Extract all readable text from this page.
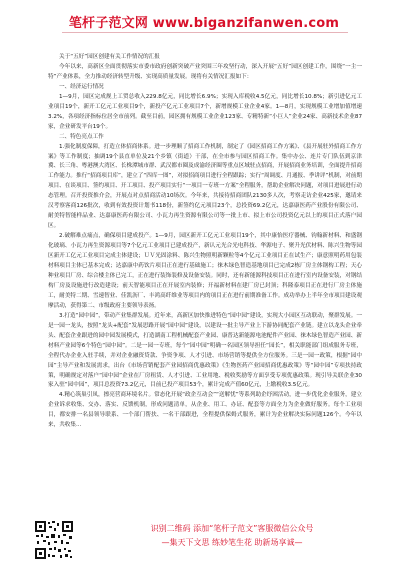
笔杆子范文网 www.biganzifanwen.com

关于“五好”园区创建有关工作情况的汇报

今年以来，高新区全面贯彻落实市委市政府创新突破产业突围三年攻坚行动，深入开展“五好”园区创建工作，围绕“一主一特”产业体系，全力推动经济转型升级、实现高质量发展。现将有关情况汇报如下：

一、经济运行情况

1—9月，园区完成规上工贸总收入229.8亿元，同比增长6.9%；实现入库税收4.5亿元，同比增长10.8%；新引进亿元工业项目19个，新开工亿元工业项目9个，新投产亿元工业项目7个，新增规模工业企业4家。1—8月，实现规模工业增加值增速3.2%，各项经济指标位居全市前列。截至目前，园区拥有规模工业企业123家、专精特新“小巨人”企业24家、高新技术企业87家，企业研发平台19个。

二、特色亮点工作

1.强化制度保障，打造立体招商体系。进一步理顺了招商工作机制，制定了《园区招商工作方案》、《县开展驻外招商工作方案》等工作制度；抽调19个县直单位及21个乡镇（街道）干部，在全市参与园区招商工作。集中办公、连片专门队伍到京津冀、长三角、粤港澳大湾区、长株潭城市群、武汉都市圈及成渝经济圈等重点区域驻点招商，开展招商业务培训，全面提升招商工作能力。推行“招商项目库”，建立了“四库一图”，对拟招商项目进行全程跟踪；实行“周调度、月通报、季讲评”机制，对前期项目、在谈项目、签约项目、开工项目、投产项目实行“一项目一专班一方案”全程服务，帮助企业解决问题，对项目进展进行动态管理。召开投资推介会，开展点对点招商活动10场次。今年来，共接待招商团队2130多人次，考察走访企业425家，邀请来汉考察客商126批次，收到有效投资计划书118份，新签约亿元项目23个，总投资69.2亿元，达嘉康医药产业股份有限公司、耐美特智能样品业、达嘉康医药有限公司、小瓦力再生资源有限公司等一批上市、拟上市公司投资亿元以上的项目正式落户园区。

2.破解难点痛点，确保项目建成投产。1—9月，园区新开工亿元工业项目19个，其中康怡医疗器械、钧翰新材料、和盛钢化玻璃、小瓦力再生资源项目等7个亿元工业项目已建成投产，新认元光合光电科技、华源电子、聚升光伏材料、陈兴生物等园区新开工亿元工业项目完成主体建设；ＵＶ光固涂料、陈兴生物照明新颗粒等4个亿元工业项目正在试生产；康意照明药用包装材料项目主体已基本完成；达嘉康中药饮片项目正在进行基础施工；徕木绿色智造基地项目已完成2栋厂房主体钢构工程；天心种业项目厂房、综合楼主体已完工，正在进行装饰装修及设备安装。同时，还有新能源科技项目正在进行室内设备安装，对钢结构厂房及设施进行改造建设；前天智能项目正在开展室内装修；开福新材料在建厂房已封顶；科隆泰项目正在进行厂房主体施工，耐美特二期、雪速智业、佳凯沥厂、丰鸿高纤维业等项目内的项目正在进行前期准备工作。成功举办上半年全市项目建设观摩活动，获得第二、市级政府主要领导表扬。

3.打造“园中园”，带动产业集群发展。近年来，高新区加快推进特色“园中园”建设，实现大小园区互动联动，聚群发展。一是一园一龙头，按照“龙头+配套”发展思路开展“园中园”建设，以建设一批主导产业上下游协同配套产业链。建立以龙头企业牵头、配套企业跟进的园中园发展模式，打造湖南工程机械配套产业园、康普达新能源电池配件产业园、徕木绿色智造产业园、新材料产业园等6个特色“园中园”。二是一园一专班，每个“园中园”明确一名园区领导担任“园长”，相关职能部门组成服务专班，全程代办企业入驻手续，并对企业融资贷款、争资争项、人才引进、市场营销等提供全方位服务。三是一园一政策，根据“园中园”主导产业和发展需求，出台《市场营销配套产业园招商优惠政策》《生物医药产业园招商优惠政策》等“园中园”专项扶持政策，明确规定对落户“园中园”企业在厂房租赁、人才引进、工业用地、税收奖励等方面享受专项优惠政策。现引导关联企业30家入驻“园中园”，项目总投资73.2亿元，目前已投产项目53个，累计完成产值60亿元，上缴税收3.5亿元。

4.精心筑巢引凤，擦亮营商环境名片。常态化开展“政企互动会”“送解忧”等系列助企纾困活动，进一步优化企业服务，建立企业诉求收集、交办、落实、反馈机制，形成问题清单，从企业、用工、办证、配套等方面全力为企业做好服务。每个工业项目，都安排一名县领导联系、一个部门帮扶、一名干部跟进，全程提供保姆式服务，累计为企业解决实际问题126个。今年以来，共收集...

识别二维码 添加“笔杆子范文”客服微信公众号
—集天下文思 练妙笔生花 助新场享诚—
